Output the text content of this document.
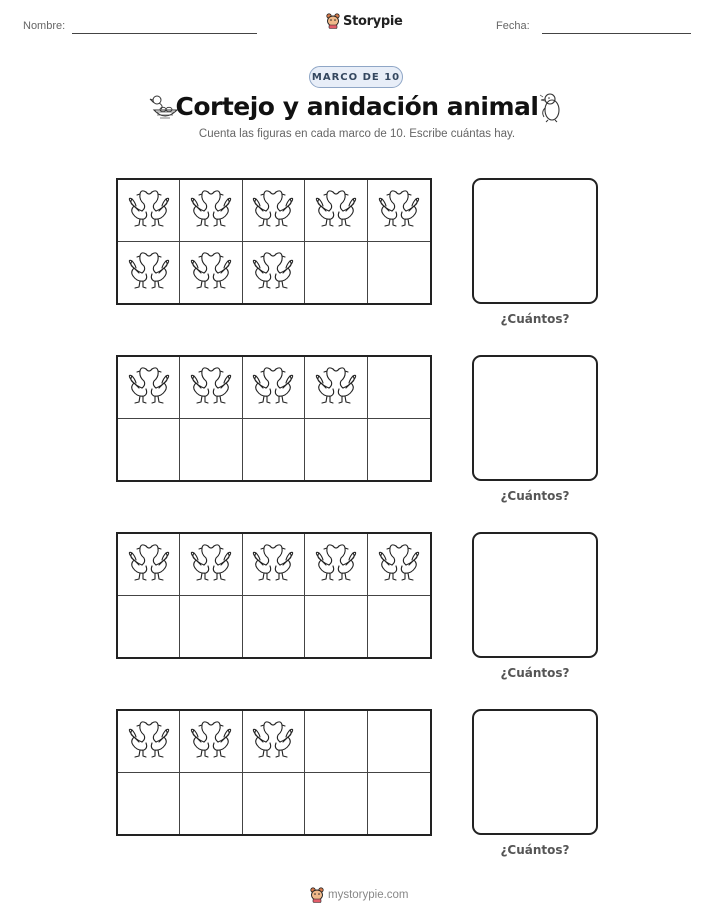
Nombre:	Storypie	Fecha:
MARCO DE 10
Cortejo y anidación animal
Cuenta las figuras en cada marco de 10. Escribe cuántas hay.
¿Cuántos?
¿Cuántos?
¿Cuántos?
¿Cuántos?
mystorypie.com
